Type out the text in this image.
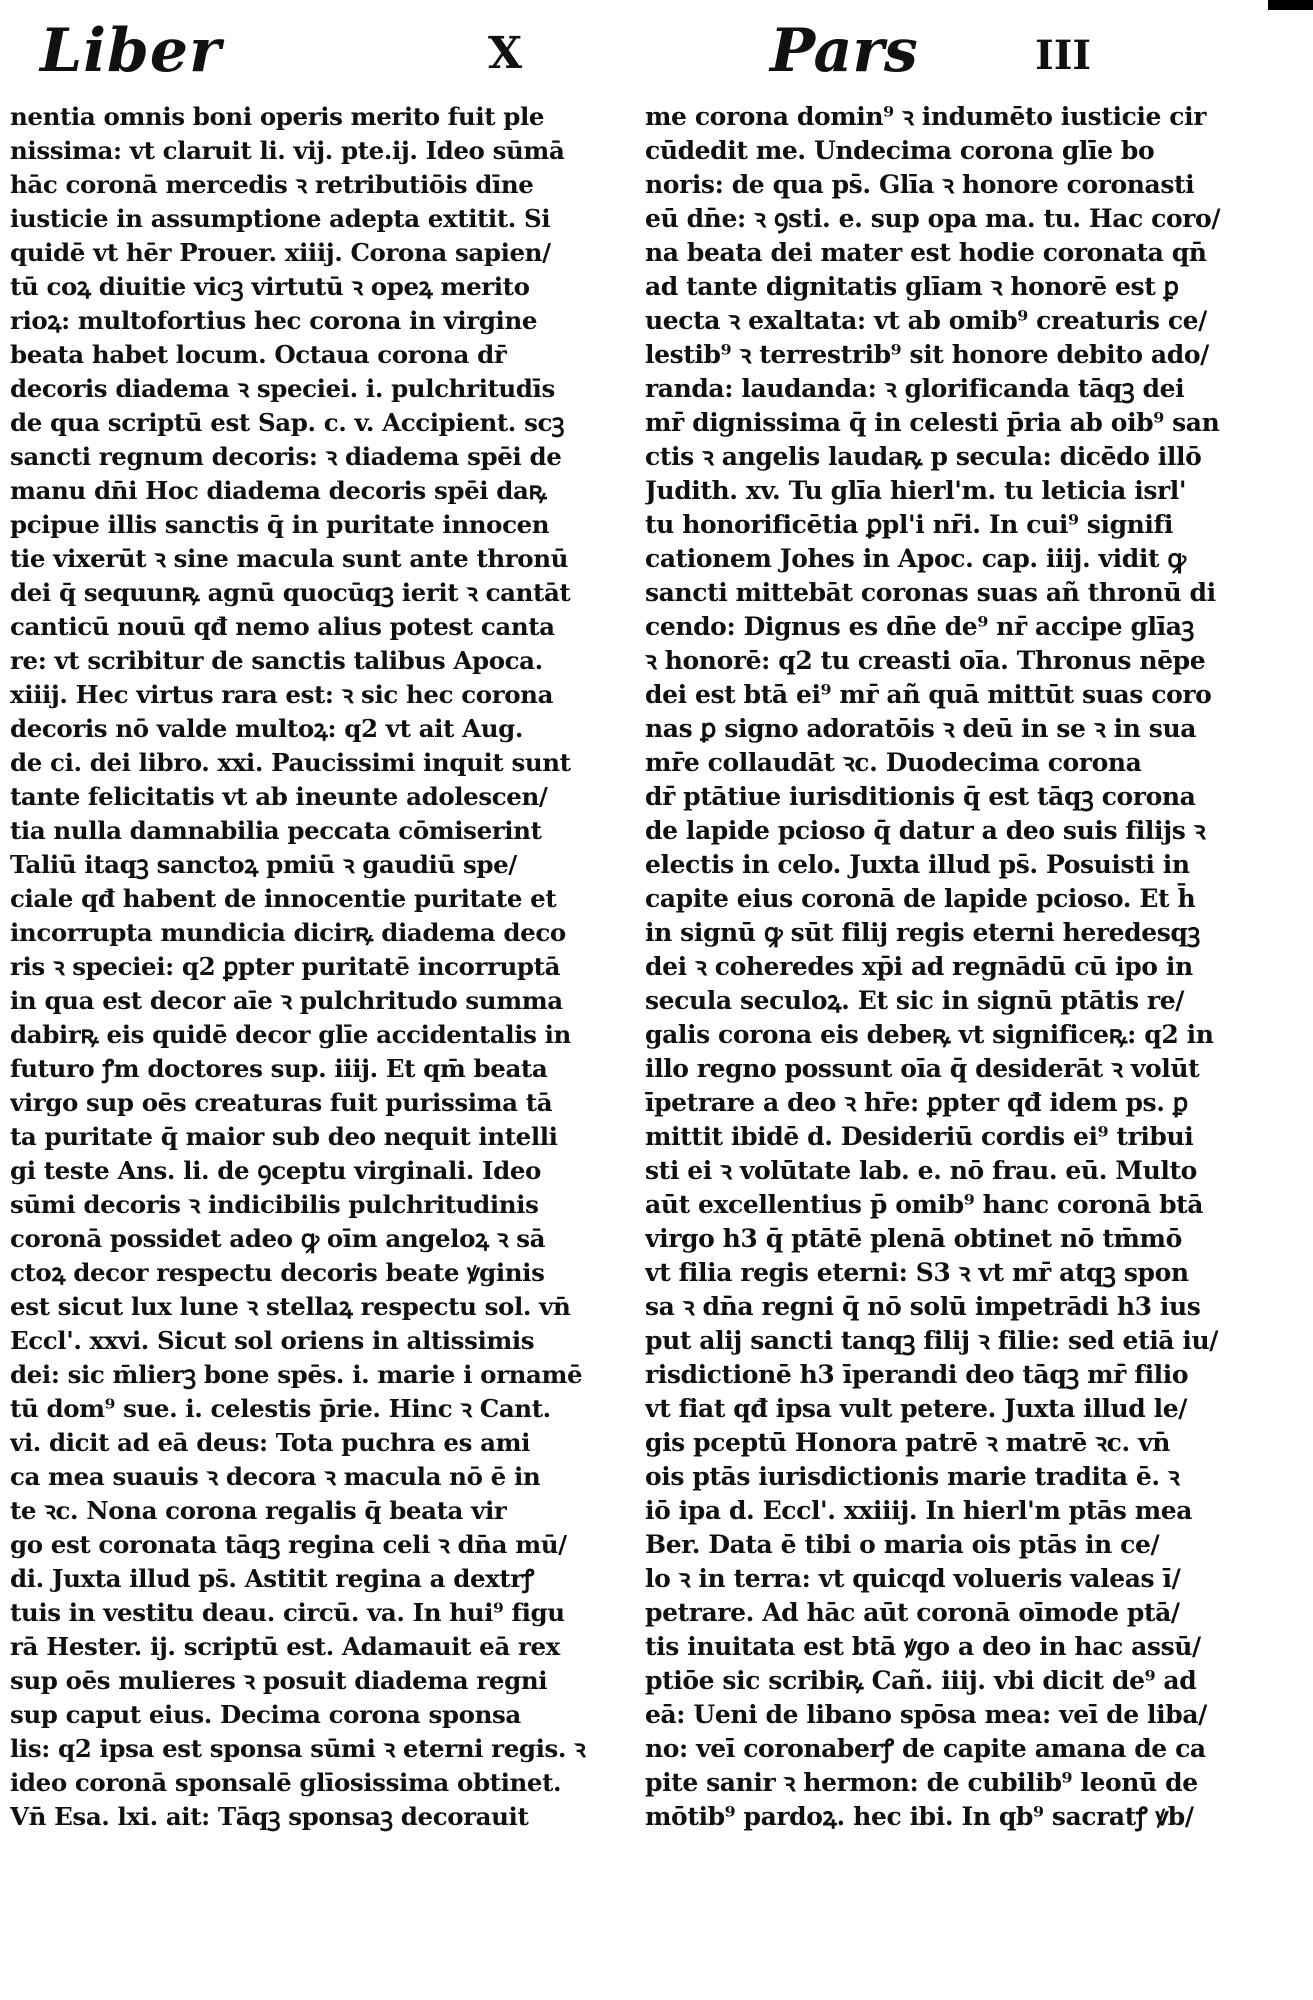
Liber	X	Pars	III
nentia omnis boni operis merito fuit ple
nissima: vt claruit li. vij. pte.ij. Ideo sūmā
hāc coronā mercedis ꝛ retributiōis dīne
iusticie in assumptione adepta extitit. Si
quidē vt hēr Prouer. xiiij. Corona sapien/
tū coꝝ diuitie vicꝫ virtutū ꝛ opeꝝ merito
rioꝝ: multofortius hec corona in virgine
beata habet locum. Octaua corona dr̄
decoris diadema ꝛ speciei. i. pulchritudīs
de qua scriptū est Sap. c. v. Accipient. scꝫ
sancti regnum decoris: ꝛ diadema spēi de
manu dn̄i Hoc diadema decoris spēi daꝶ
pcipue illis sanctis q̄ in puritate innocen
tie vixerūt ꝛ sine macula sunt ante thronū
dei q̄ sequunꝶ agnū quocūqꝫ ierit ꝛ cantāt
canticū nouū qđ nemo alius potest canta
re: vt scribitur de sanctis talibus Apoca.
xiiij. Hec virtus rara est: ꝛ sic hec corona
decoris nō valde multoꝝ: q2 vt ait Aug.
de ci. dei libro. xxi. Paucissimi inquit sunt
tante felicitatis vt ab ineunte adolescen/
tia nulla damnabilia peccata cōmiserint
Taliū itaqꝫ sanctoꝝ pmiū ꝛ gaudiū spe/
ciale qđ habent de innocentie puritate et
incorrupta mundicia dicirꝶ diadema deco
ris ꝛ speciei: q2 ꝑpter puritatē incorruptā
in qua est decor aīe ꝛ pulchritudo summa
dabirꝶ eis quidē decor glīe accidentalis in
futuro ꝭm doctores sup. iiij. Et qm̄ beata
virgo sup oēs creaturas fuit purissima tā
ta puritate q̄ maior sub deo nequit intelli
gi teste Ans. li. de ꝯceptu virginali. Ideo
sūmi decoris ꝛ indicibilis pulchritudinis
coronā possidet adeo ꝙ oīm angeloꝝ ꝛ sā
ctoꝝ decor respectu decoris beate ꝟginis
est sicut lux lune ꝛ stellaꝝ respectu sol. vn̄
Eccl'. xxvi. Sicut sol oriens in altissimis
dei: sic m̄lierꝫ bone spēs. i. marie i ornamē
tū dom⁹ sue. i. celestis p̄rie. Hinc ꝛ Cant.
vi. dicit ad eā deus: Tota puchra es ami
ca mea suauis ꝛ decora ꝛ macula nō ē in
te ꝛc. Nona corona regalis q̄ beata vir
go est coronata tāqꝫ regina celi ꝛ dn̄a mū/
di. Juxta illud ps̄. Astitit regina a dextrꝭ
tuis in vestitu deau. circū. va. In hui⁹ figu
rā Hester. ij. scriptū est. Adamauit eā rex
sup oēs mulieres ꝛ posuit diadema regni
sup caput eius. Decima corona sponsa
lis: q2 ipsa est sponsa sūmi ꝛ eterni regis. ꝛ
ideo coronā sponsalē glīosissima obtinet.
Vn̄ Esa. lxi. ait: Tāqꝫ sponsaꝫ decorauit
me corona domin⁹ ꝛ indumēto iusticie cir
cūdedit me. Undecima corona glīe bo
noris: de qua ps̄. Glīa ꝛ honore coronasti
eū dn̄e: ꝛ ꝯsti. e. sup opa ma. tu. Hac coro/
na beata dei mater est hodie coronata qn̄
ad tante dignitatis glīam ꝛ honorē est ꝑ
uecta ꝛ exaltata: vt ab omib⁹ creaturis ce/
lestib⁹ ꝛ terrestrib⁹ sit honore debito ado/
randa: laudanda: ꝛ glorificanda tāqꝫ dei
mr̄ dignissima q̄ in celesti p̄ria ab oib⁹ san
ctis ꝛ angelis laudaꝶ p secula: dicēdo illō
Judith. xv. Tu glīa hierl'm. tu leticia isrl'
tu honorificētia ꝑpl'i nr̄i. In cui⁹ signifi
cationem Johes in Apoc. cap. iiij. vidit ꝙ
sancti mittebāt coronas suas añ thronū di
cendo: Dignus es dn̄e de⁹ nr̄ accipe glīaꝫ
ꝛ honorē: q2 tu creasti oīa. Thronus nēpe
dei est btā ei⁹ mr̄ añ quā mittūt suas coro
nas ꝑ signo adoratōis ꝛ deū in se ꝛ in sua
mr̄e collaudāt ꝛc. Duodecima corona
dr̄ ptātiue iurisditionis q̄ est tāqꝫ corona
de lapide pcioso q̄ datur a deo suis filijs ꝛ
electis in celo. Juxta illud ps̄. Posuisti in
capite eius coronā de lapide pcioso. Et h̄
in signū ꝙ sūt filij regis eterni heredesqꝫ
dei ꝛ coheredes xp̄i ad regnādū cū ipo in
secula seculoꝝ. Et sic in signū ptātis re/
galis corona eis debeꝶ vt significeꝶ: q2 in
illo regno possunt oīa q̄ desiderāt ꝛ volūt
īpetrare a deo ꝛ hr̄e: ꝑpter qđ idem ps. ꝑ
mittit ibidē d. Desideriū cordis ei⁹ tribui
sti ei ꝛ volūtate lab. e. nō frau. eū. Multo
aūt excellentius p̄ omib⁹ hanc coronā btā
virgo h3 q̄ ptātē plenā obtinet nō tm̄mō
vt filia regis eterni: S3 ꝛ vt mr̄ atqꝫ spon
sa ꝛ dn̄a regni q̄ nō solū impetrādi h3 ius
put alij sancti tanqꝫ filij ꝛ filie: sed etiā iu/
risdictionē h3 īperandi deo tāqꝫ mr̄ filio
vt fiat qđ ipsa vult petere. Juxta illud le/
gis pceptū Honora patrē ꝛ matrē ꝛc. vn̄
ois ptās iurisdictionis marie tradita ē. ꝛ
iō ipa d. Eccl'. xxiiij. In hierl'm ptās mea
Ber. Data ē tibi o maria ois ptās in ce/
lo ꝛ in terra: vt quicqd volueris valeas ī/
petrare. Ad hāc aūt coronā oīmode ptā/
tis inuitata est btā ꝟgo a deo in hac assū/
ptiōe sic scribiꝶ Cañ. iiij. vbi dicit de⁹ ad
eā: Ueni de libano spōsa mea: veī de liba/
no: veī coronaberꝭ de capite amana de ca
pite sanir ꝛ hermon: de cubilib⁹ leonū de
mōtib⁹ pardoꝝ. hec ibi. In qb⁹ sacratꝭ ꝟb/
